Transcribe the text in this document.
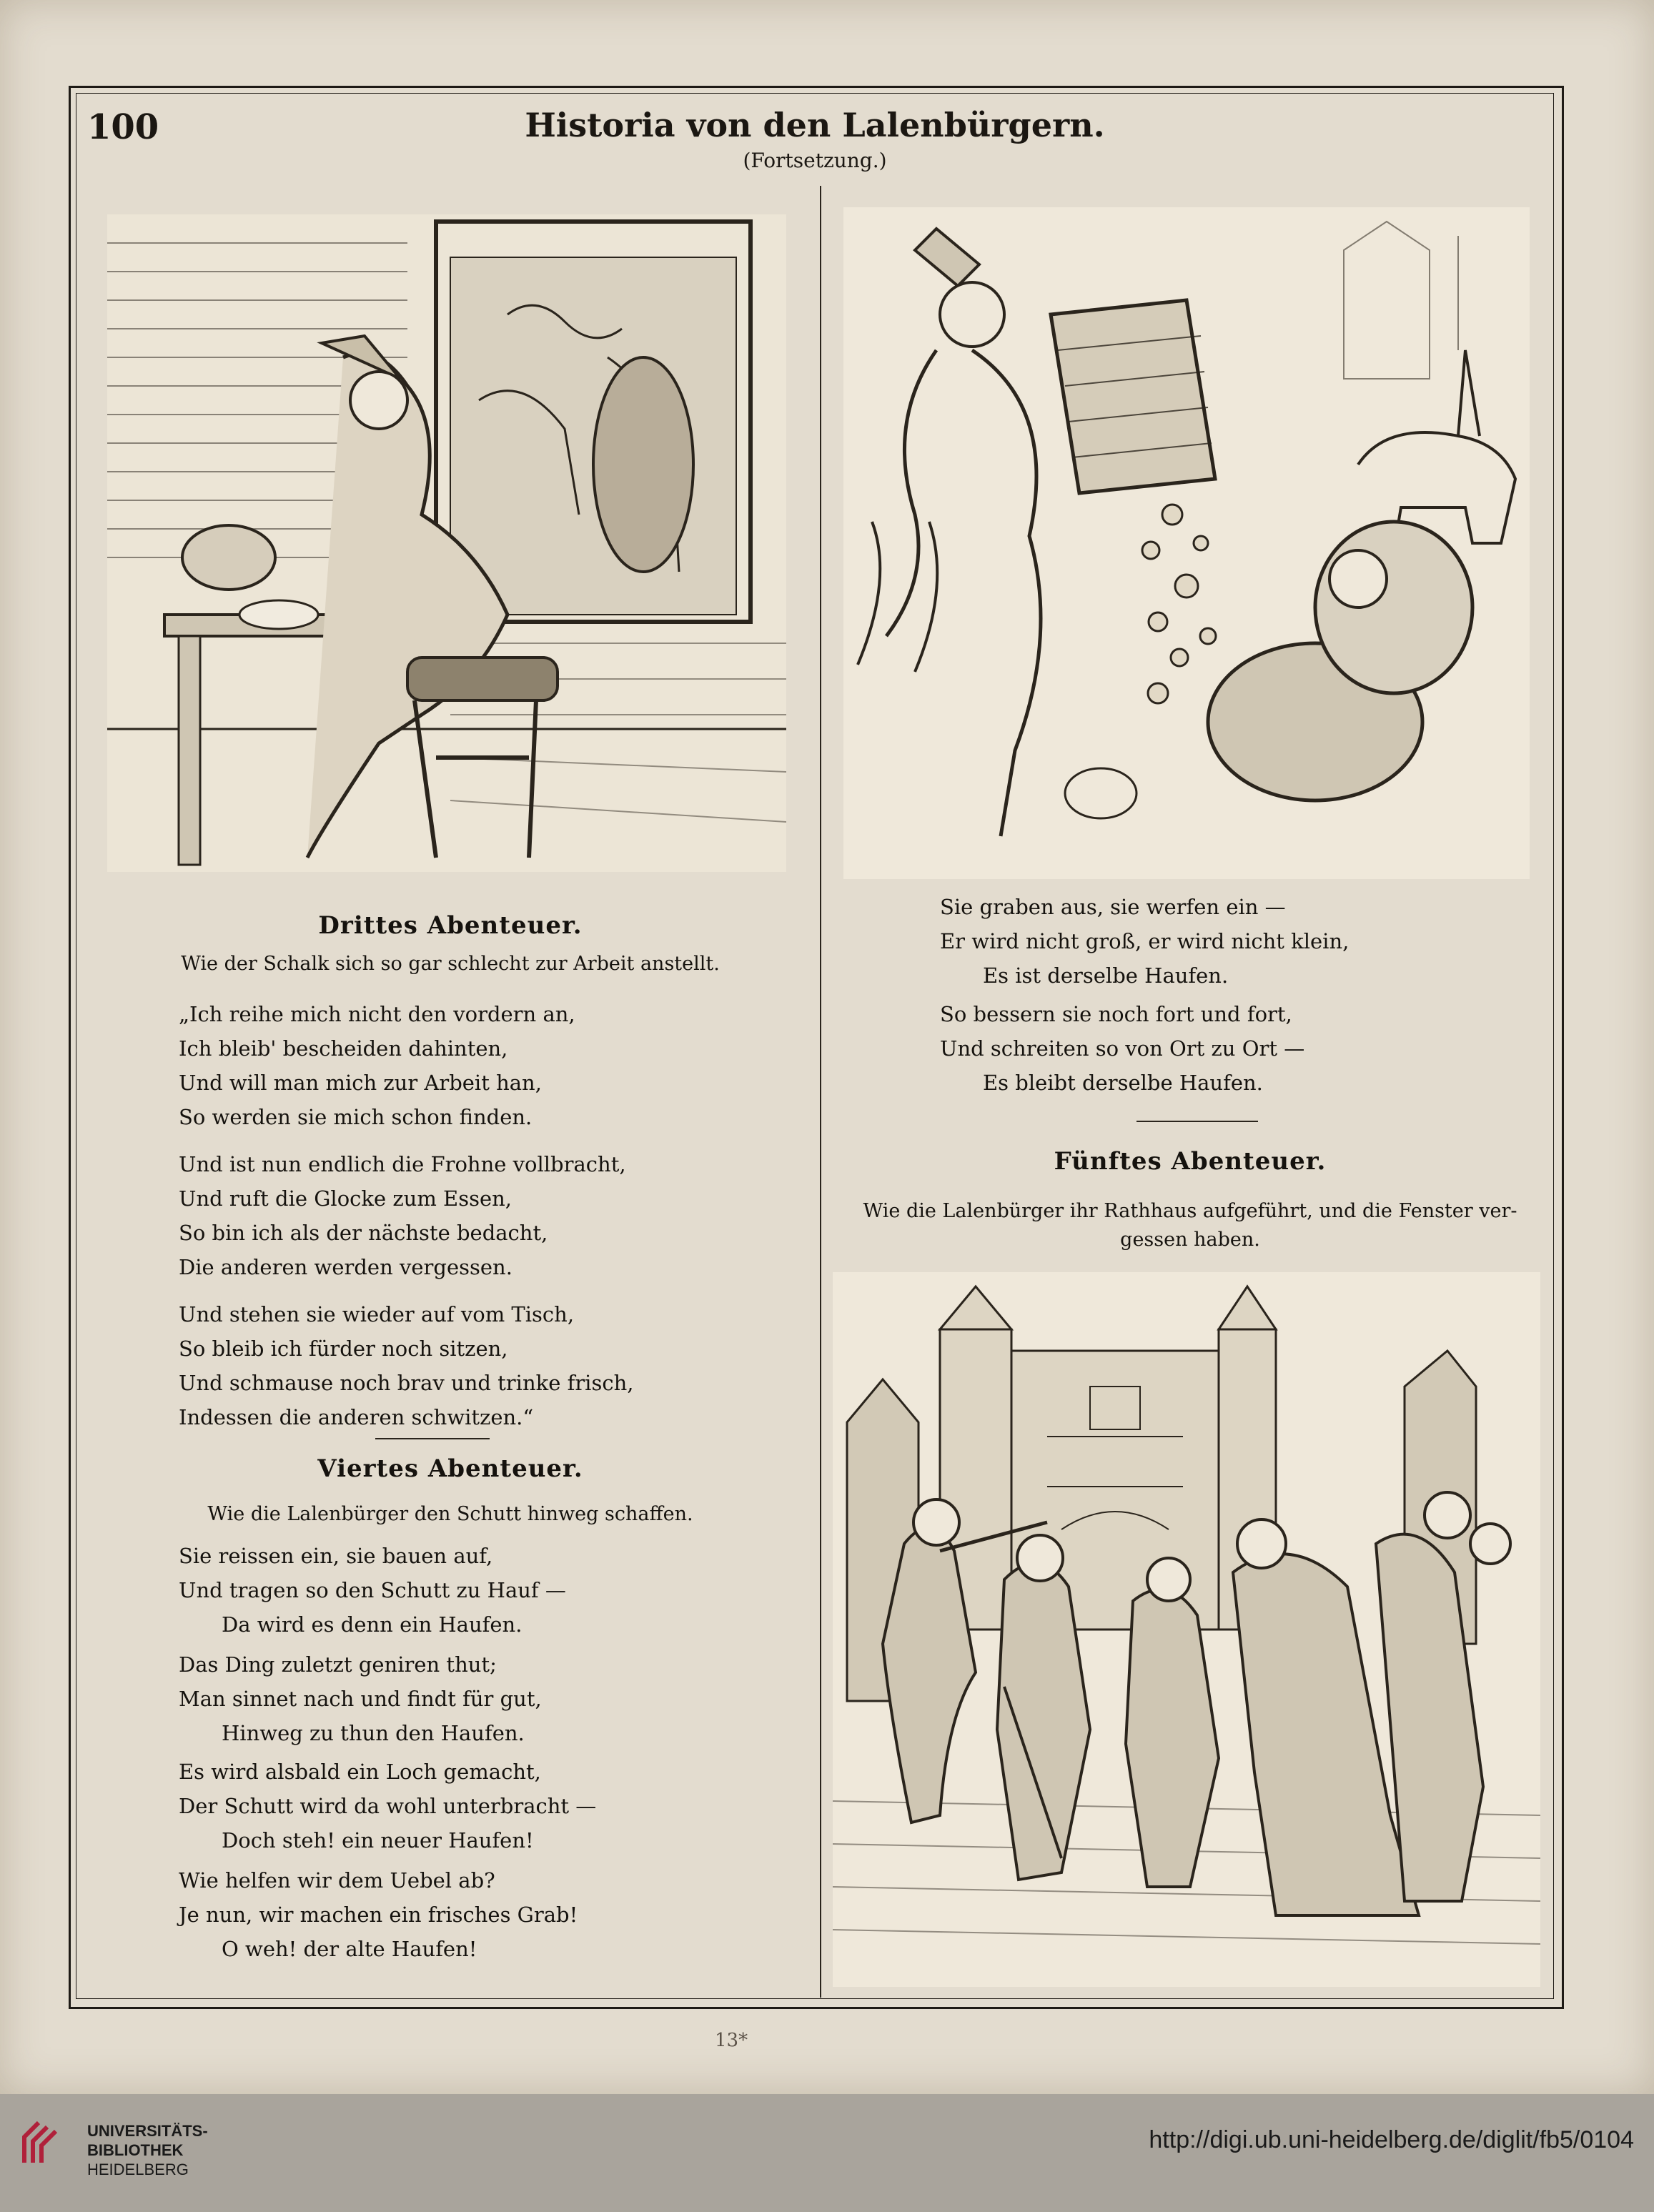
100	Historia von den Lalenbürgern.
(Fortsetzung.)
Drittes Abenteuer.
Wie der Schalk sich so gar schlecht zur Arbeit anstellt.
„Ich reihe mich nicht den vordern an,
Ich bleib' bescheiden dahinten,
Und will man mich zur Arbeit han,
So werden sie mich schon finden.
Und ist nun endlich die Frohne vollbracht,
Und ruft die Glocke zum Essen,
So bin ich als der nächste bedacht,
Die anderen werden vergessen.
Und stehen sie wieder auf vom Tisch,
So bleib ich fürder noch sitzen,
Und schmause noch brav und trinke frisch,
Indessen die anderen schwitzen.“
Viertes Abenteuer.
Wie die Lalenbürger den Schutt hinweg schaffen.
Sie reissen ein, sie bauen auf,
Und tragen so den Schutt zu Hauf —
Da wird es denn ein Haufen.
Das Ding zuletzt geniren thut;
Man sinnet nach und findt für gut,
Hinweg zu thun den Haufen.
Es wird alsbald ein Loch gemacht,
Der Schutt wird da wohl unterbracht —
Doch steh! ein neuer Haufen!
Wie helfen wir dem Uebel ab?
Je nun, wir machen ein frisches Grab!
O weh! der alte Haufen!
Sie graben aus, sie werfen ein —
Er wird nicht groß, er wird nicht klein,
Es ist derselbe Haufen.
So bessern sie noch fort und fort,
Und schreiten so von Ort zu Ort —
Es bleibt derselbe Haufen.
Fünftes Abenteuer.
Wie die Lalenbürger ihr Rathhaus aufgeführt, und die Fenster ver-
gessen haben.
13*
UNIVERSITÄTS-
BIBLIOTHEK
HEIDELBERG
http://digi.ub.uni-heidelberg.de/diglit/fb5/0104
